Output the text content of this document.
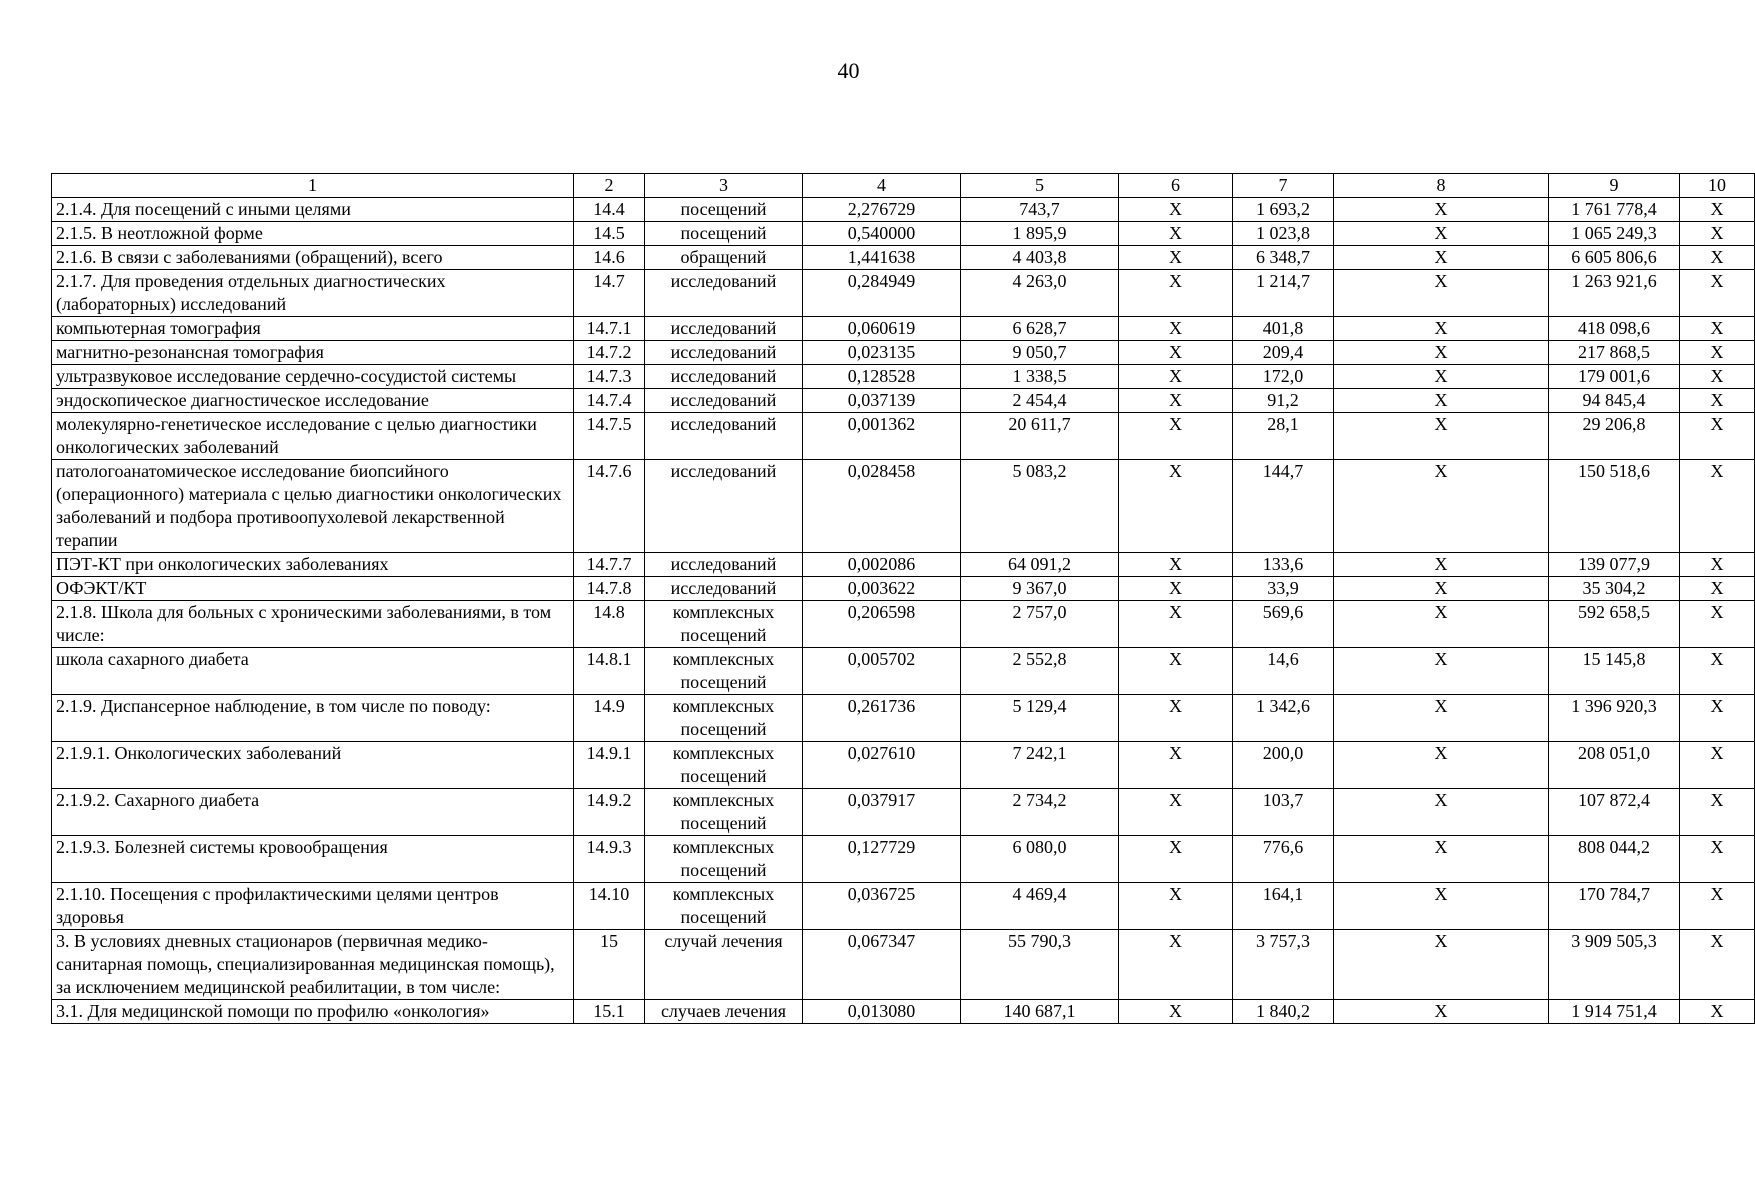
40
1	2	3	4	5	6	7	8	9	10
2.1.4. Для посещений с иными целями	14.4	посещений	2,276729	743,7	X	1 693,2	X	1 761 778,4	X
2.1.5. В неотложной форме	14.5	посещений	0,540000	1 895,9	X	1 023,8	X	1 065 249,3	X
2.1.6. В связи с заболеваниями (обращений), всего	14.6	обращений	1,441638	4 403,8	X	6 348,7	X	6 605 806,6	X
2.1.7. Для проведения отдельных диагностических (лабораторных) исследований	14.7	исследований	0,284949	4 263,0	X	1 214,7	X	1 263 921,6	X
компьютерная томография	14.7.1	исследований	0,060619	6 628,7	X	401,8	X	418 098,6	X
магнитно-резонансная томография	14.7.2	исследований	0,023135	9 050,7	X	209,4	X	217 868,5	X
ультразвуковое исследование сердечно-сосудистой системы	14.7.3	исследований	0,128528	1 338,5	X	172,0	X	179 001,6	X
эндоскопическое диагностическое исследование	14.7.4	исследований	0,037139	2 454,4	X	91,2	X	94 845,4	X
молекулярно-генетическое исследование с целью диагностики онкологических заболеваний	14.7.5	исследований	0,001362	20 611,7	X	28,1	X	29 206,8	X
патологоанатомическое исследование биопсийного (операционного) материала с целью диагностики онкологических заболеваний и подбора противоопухолевой лекарственной терапии	14.7.6	исследований	0,028458	5 083,2	X	144,7	X	150 518,6	X
ПЭТ-КТ при онкологических заболеваниях	14.7.7	исследований	0,002086	64 091,2	X	133,6	X	139 077,9	X
ОФЭКТ/КТ	14.7.8	исследований	0,003622	9 367,0	X	33,9	X	35 304,2	X
2.1.8. Школа для больных с хроническими заболеваниями, в том числе:	14.8	комплексных посещений	0,206598	2 757,0	X	569,6	X	592 658,5	X
школа сахарного диабета	14.8.1	комплексных посещений	0,005702	2 552,8	X	14,6	X	15 145,8	X
2.1.9. Диспансерное наблюдение, в том числе по поводу:	14.9	комплексных посещений	0,261736	5 129,4	X	1 342,6	X	1 396 920,3	X
2.1.9.1. Онкологических заболеваний	14.9.1	комплексных посещений	0,027610	7 242,1	X	200,0	X	208 051,0	X
2.1.9.2. Сахарного диабета	14.9.2	комплексных посещений	0,037917	2 734,2	X	103,7	X	107 872,4	X
2.1.9.3. Болезней системы кровообращения	14.9.3	комплексных посещений	0,127729	6 080,0	X	776,6	X	808 044,2	X
2.1.10. Посещения с профилактическими целями центров здоровья	14.10	комплексных посещений	0,036725	4 469,4	X	164,1	X	170 784,7	X
3. В условиях дневных стационаров (первичная медико-санитарная помощь, специализированная медицинская помощь), за исключением медицинской реабилитации, в том числе:	15	случай лечения	0,067347	55 790,3	X	3 757,3	X	3 909 505,3	X
3.1. Для медицинской помощи по профилю «онкология»	15.1	случаев лечения	0,013080	140 687,1	X	1 840,2	X	1 914 751,4	X
